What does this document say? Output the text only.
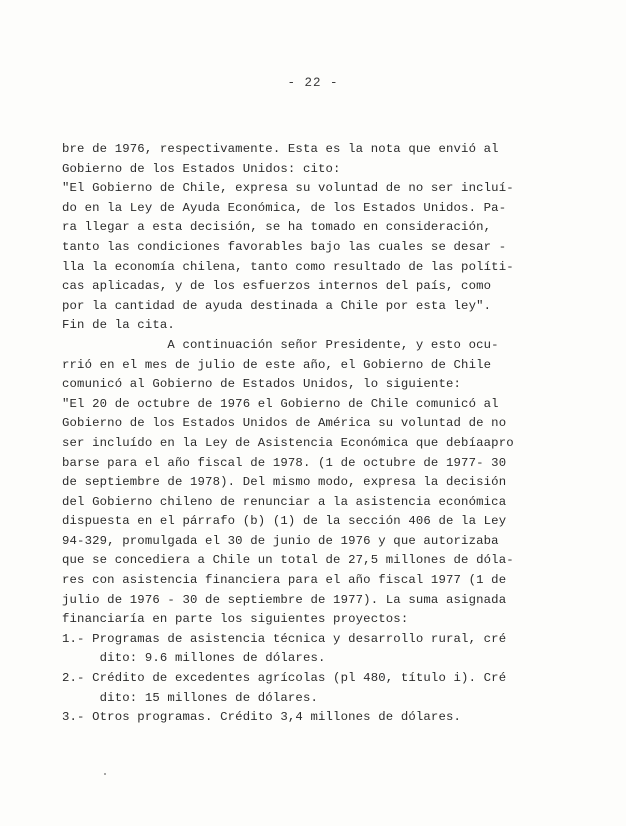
- 22 -
bre de 1976, respectivamente. Esta es la nota que envió al
Gobierno de los Estados Unidos: cito:
"El Gobierno de Chile, expresa su voluntad de no ser incluí-
do en la Ley de Ayuda Económica, de los Estados Unidos. Pa-
ra llegar a esta decisión, se ha tomado en consideración,
tanto las condiciones favorables bajo las cuales se desar -
lla la economía chilena, tanto como resultado de las políti-
cas aplicadas, y de los esfuerzos internos del país, como
por la cantidad de ayuda destinada a Chile por esta ley".
Fin de la cita.
A continuación señor Presidente, y esto ocu-
rrió en el mes de julio de este año, el Gobierno de Chile
comunicó al Gobierno de Estados Unidos, lo siguiente:
"El 20 de octubre de 1976 el Gobierno de Chile comunicó al
Gobierno de los Estados Unidos de América su voluntad de no
ser incluído en la Ley de Asistencia Económica que debíaapro
barse para el año fiscal de 1978. (1 de octubre de 1977- 30
de septiembre de 1978). Del mismo modo, expresa la decisión
del Gobierno chileno de renunciar a la asistencia económica
dispuesta en el párrafo (b) (1) de la sección 406 de la Ley
94-329, promulgada el 30 de junio de 1976 y que autorizaba
que se concediera a Chile un total de 27,5 millones de dóla-
res con asistencia financiera para el año fiscal 1977 (1 de
julio de 1976 - 30 de septiembre de 1977). La suma asignada
financiaría en parte los siguientes proyectos:
1.- Programas de asistencia técnica y desarrollo rural, cré
dito: 9.6 millones de dólares.
2.- Crédito de excedentes agrícolas (pl 480, título i). Cré
dito: 15 millones de dólares.
3.- Otros programas. Crédito 3,4 millones de dólares.
